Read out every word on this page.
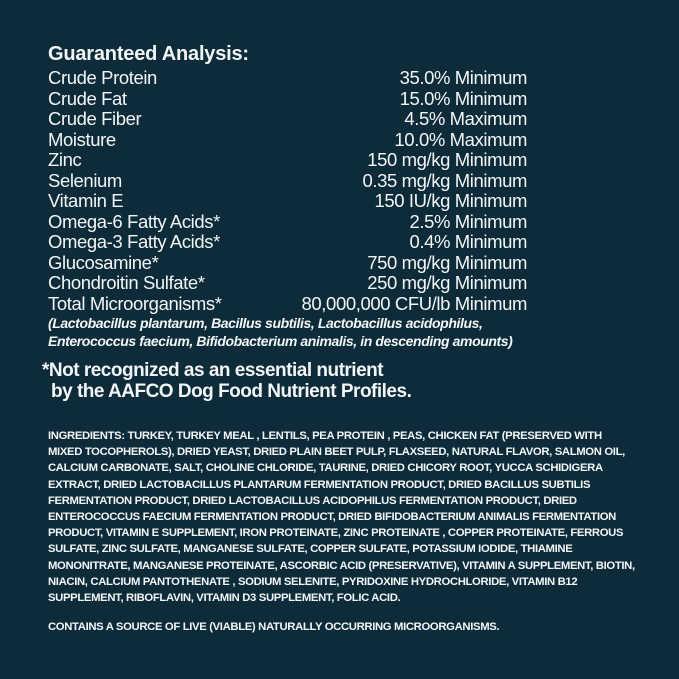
Guaranteed Analysis:
Crude Protein	35.0% Minimum
Crude Fat	15.0% Minimum
Crude Fiber	4.5% Maximum
Moisture	10.0% Maximum
Zinc	150 mg/kg Minimum
Selenium	0.35 mg/kg Minimum
Vitamin E	150 IU/kg Minimum
Omega-6 Fatty Acids*	2.5% Minimum
Omega-3 Fatty Acids*	0.4% Minimum
Glucosamine*	750 mg/kg Minimum
Chondroitin Sulfate*	250 mg/kg Minimum
Total Microorganisms*	80,000,000 CFU/lb Minimum
(Lactobacillus plantarum, Bacillus subtilis, Lactobacillus acidophilus,
Enterococcus faecium, Bifidobacterium animalis, in descending amounts)
*Not recognized as an essential nutrient
by the AAFCO Dog Food Nutrient Profiles.

INGREDIENTS: TURKEY, TURKEY MEAL , LENTILS, PEA PROTEIN , PEAS, CHICKEN FAT (PRESERVED WITH MIXED TOCOPHEROLS), DRIED YEAST, DRIED PLAIN BEET PULP, FLAXSEED, NATURAL FLAVOR, SALMON OIL, CALCIUM CARBONATE, SALT, CHOLINE CHLORIDE, TAURINE, DRIED CHICORY ROOT, YUCCA SCHIDIGERA EXTRACT, DRIED LACTOBACILLUS PLANTARUM FERMENTATION PRODUCT, DRIED BACILLUS SUBTILIS FERMENTATION PRODUCT, DRIED LACTOBACILLUS ACIDOPHILUS FERMENTATION PRODUCT, DRIED ENTEROCOCCUS FAECIUM FERMENTATION PRODUCT, DRIED BIFIDOBACTERIUM ANIMALIS FERMENTATION PRODUCT, VITAMIN E SUPPLEMENT, IRON PROTEINATE, ZINC PROTEINATE , COPPER PROTEINATE, FERROUS SULFATE, ZINC SULFATE, MANGANESE SULFATE, COPPER SULFATE, POTASSIUM IODIDE, THIAMINE MONONITRATE, MANGANESE PROTEINATE, ASCORBIC ACID (PRESERVATIVE), VITAMIN A SUPPLEMENT, BIOTIN, NIACIN, CALCIUM PANTOTHENATE , SODIUM SELENITE, PYRIDOXINE HYDROCHLORIDE, VITAMIN B12 SUPPLEMENT, RIBOFLAVIN, VITAMIN D3 SUPPLEMENT, FOLIC ACID.

CONTAINS A SOURCE OF LIVE (VIABLE) NATURALLY OCCURRING MICROORGANISMS.
